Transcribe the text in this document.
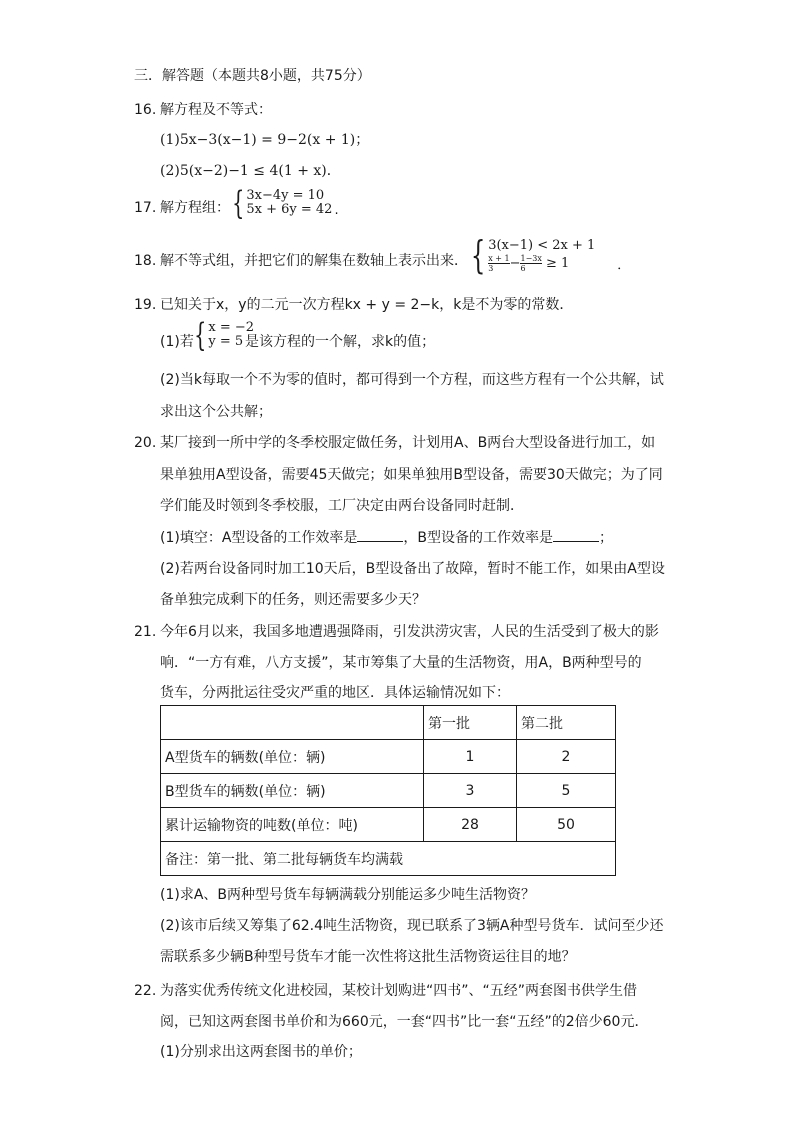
三．解答题（本题共8小题，共75分）
16. 解方程及不等式：
(1)5x−3(x−1) = 9−2(x + 1)；
(2)5(x−2)−1 ≤ 4(1 + x)．
17. 解方程组： { 3x−4y = 10
5x + 6y = 42 .
18. 解不等式组，并把它们的解集在数轴上表示出来． { 3(x−1) < 2x + 1
$\frac{x + 1}{3} - \frac{1-3x}{6} \ge 1$	．
19. 已知关于x，y的二元一次方程kx + y = 2−k，k是不为零的常数．
(1)若 { x = −2
y = 5 是该方程的一个解，求k的值；
(2)当k每取一个不为零的值时，都可得到一个方程，而这些方程有一个公共解，试
求出这个公共解；
20. 某厂接到一所中学的冬季校服定做任务，计划用A、B两台大型设备进行加工，如
果单独用A型设备，需要45天做完；如果单独用B型设备，需要30天做完；为了同
学们能及时领到冬季校服，工厂决定由两台设备同时赶制．
(1)填空：A型设备的工作效率是	，B型设备的工作效率是	；
(2)若两台设备同时加工10天后，B型设备出了故障，暂时不能工作，如果由A型设
备单独完成剩下的任务，则还需要多少天？
21. 今年6月以来，我国多地遭遇强降雨，引发洪涝灾害，人民的生活受到了极大的影
响．“一方有难，八方支援”，某市筹集了大量的生活物资，用A，B两种型号的
货车，分两批运往受灾严重的地区．具体运输情况如下：
	第一批	第二批
A型货车的辆数(单位：辆)	1	2
B型货车的辆数(单位：辆)	3	5
累计运输物资的吨数(单位：吨)	28	50
备注：第一批、第二批每辆货车均满载		
(1)求A、B两种型号货车每辆满载分别能运多少吨生活物资？
(2)该市后续又筹集了62.4吨生活物资，现已联系了3辆A种型号货车．试问至少还
需联系多少辆B种型号货车才能一次性将这批生活物资运往目的地？
22. 为落实优秀传统文化进校园，某校计划购进“四书”、“五经”两套图书供学生借
阅，已知这两套图书单价和为660元，一套“四书”比一套“五经”的2倍少60元．
(1)分别求出这两套图书的单价；
